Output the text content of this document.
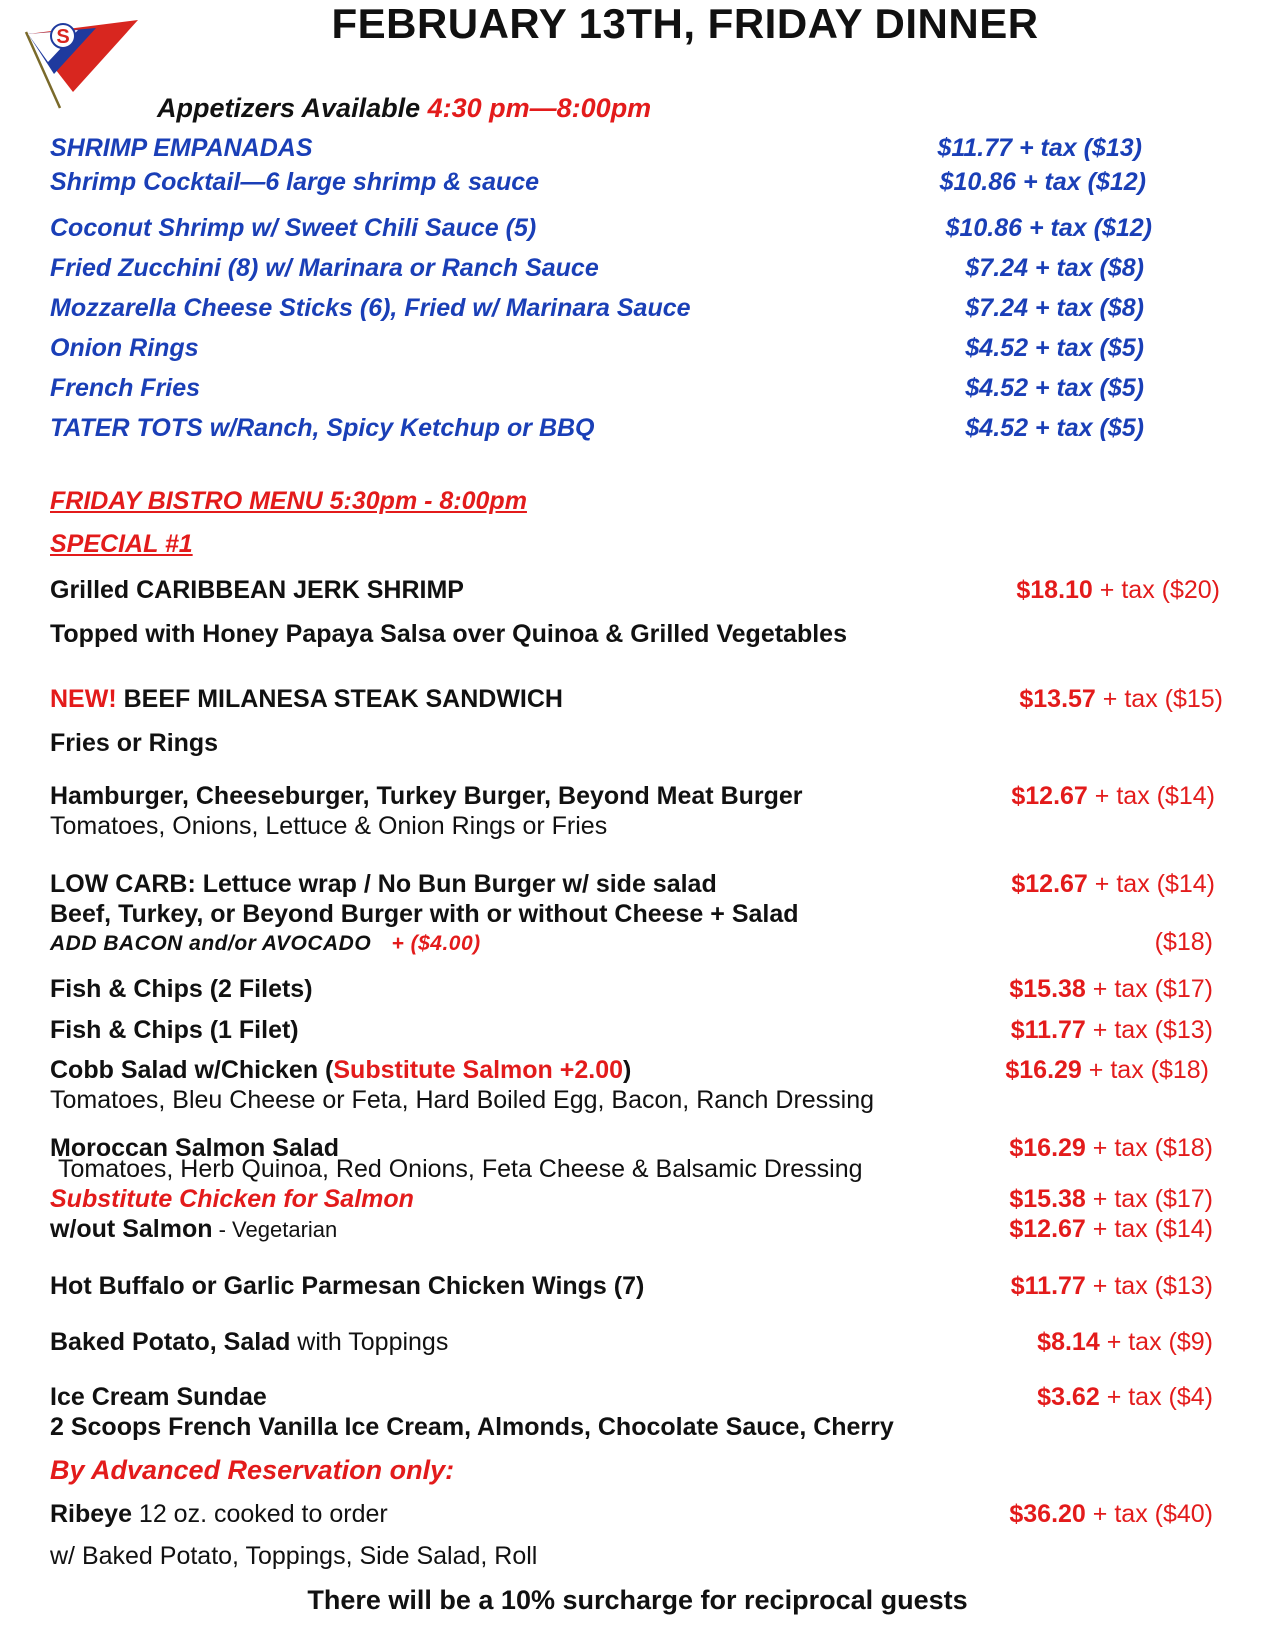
S	FEBRUARY 13TH, FRIDAY DINNER
Appetizers Available 4:30 pm—8:00pm
SHRIMP EMPANADAS	$11.77 + tax ($13)
Shrimp Cocktail—6 large shrimp & sauce	$10.86 + tax ($12)
Coconut Shrimp w/ Sweet Chili Sauce (5)	$10.86 + tax ($12)
Fried Zucchini (8) w/ Marinara or Ranch Sauce	$7.24 + tax ($8)
Mozzarella Cheese Sticks (6), Fried w/ Marinara Sauce	$7.24 + tax ($8)
Onion Rings	$4.52 + tax ($5)
French Fries	$4.52 + tax ($5)
TATER TOTS w/Ranch, Spicy Ketchup or BBQ	$4.52 + tax ($5)
FRIDAY BISTRO MENU 5:30pm - 8:00pm
SPECIAL #1
Grilled CARIBBEAN JERK SHRIMP	$18.10 + tax ($20)
Topped with Honey Papaya Salsa over Quinoa & Grilled Vegetables
NEW! BEEF MILANESA STEAK SANDWICH	$13.57 + tax ($15)
Fries or Rings
Hamburger, Cheeseburger, Turkey Burger, Beyond Meat Burger	$12.67 + tax ($14)
Tomatoes, Onions, Lettuce & Onion Rings or Fries
LOW CARB: Lettuce wrap / No Bun Burger w/ side salad	$12.67 + tax ($14)
Beef, Turkey, or Beyond Burger with or without Cheese + Salad
ADD BACON and/or AVOCADO + ($4.00)	($18)
Fish & Chips (2 Filets)	$15.38 + tax ($17)
Fish & Chips (1 Filet)	$11.77 + tax ($13)
Cobb Salad w/Chicken (Substitute Salmon +2.00)	$16.29 + tax ($18)
Tomatoes, Bleu Cheese or Feta, Hard Boiled Egg, Bacon, Ranch Dressing
Moroccan Salmon Salad	$16.29 + tax ($18)
Tomatoes, Herb Quinoa, Red Onions, Feta Cheese & Balsamic Dressing
Substitute Chicken for Salmon	$15.38 + tax ($17)
w/out Salmon - Vegetarian	$12.67 + tax ($14)
Hot Buffalo or Garlic Parmesan Chicken Wings (7)	$11.77 + tax ($13)
Baked Potato, Salad with Toppings	$8.14 + tax ($9)
Ice Cream Sundae	$3.62 + tax ($4)
2 Scoops French Vanilla Ice Cream, Almonds, Chocolate Sauce, Cherry
By Advanced Reservation only:
Ribeye 12 oz. cooked to order	$36.20 + tax ($40)
w/ Baked Potato, Toppings, Side Salad, Roll
There will be a 10% surcharge for reciprocal guests
